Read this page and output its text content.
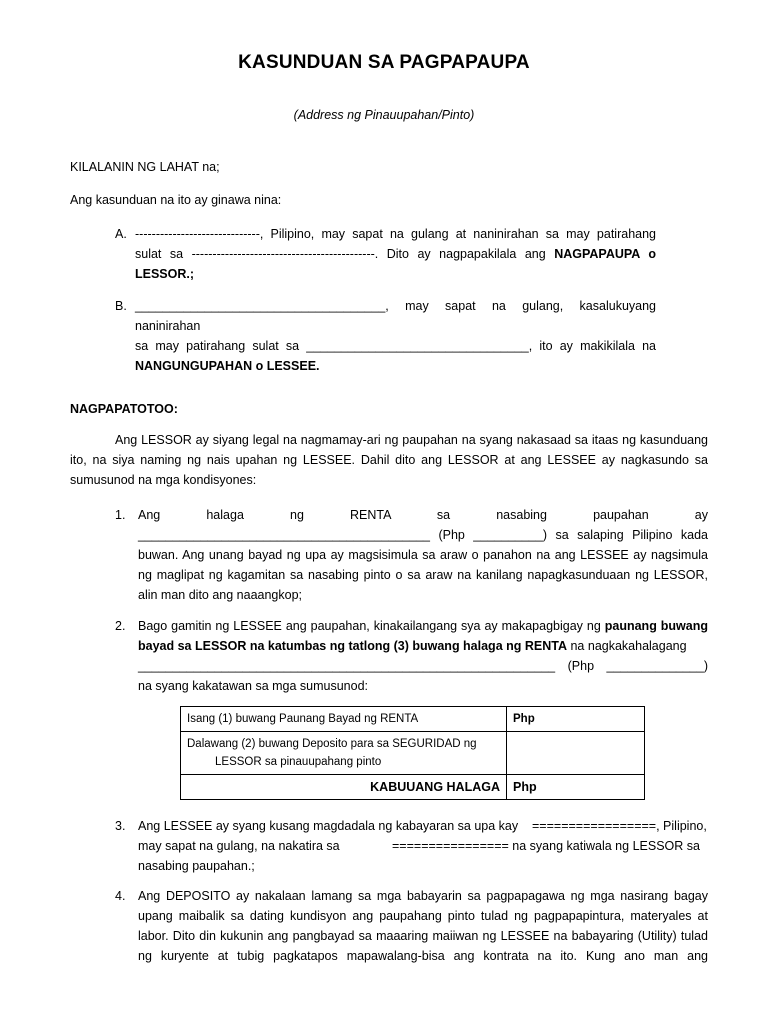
KASUNDUAN SA PAGPAPAUPA
(Address ng Pinauupahan/Pinto)
KILALANIN NG LAHAT na;
Ang kasunduan na ito ay ginawa nina:
A. ------------------------------, Pilipino, may sapat na gulang at naninirahan sa may patirahang
sulat sa --------------------------------------------. Dito ay nagpapakilala ang NAGPAPAUPA o LESSOR.;
B. ____________________________________, may sapat na gulang, kasalukuyang naninirahan
sa may patirahang sulat sa ________________________________, ito ay makikilala na
NANGUNGUPAHAN o LESSEE.
NAGPAPATOTOO:
Ang LESSOR ay siyang legal na nagmamay-ari ng paupahan na syang nakasaad sa itaas ng kasunduang ito, na siya naming ng nais upahan ng LESSEE. Dahil dito ang LESSOR at ang LESSEE ay nagkasundo sa sumusunod na mga kondisyones:
1. Ang halaga ng RENTA sa nasabing paupahan ay
__________________________________________ (Php __________) sa salaping Pilipino kada
buwan. Ang unang bayad ng upa ay magsisimula sa araw o panahon na ang LESSEE ay nagsimula ng maglipat ng kagamitan sa nasabing pinto o sa araw na kanilang napagkasunduaan ng LESSOR, alin man dito ang naaangkop;
2. Bago gamitin ng LESSEE ang paupahan, kinakailangang sya ay makapagbigay ng paunang buwang bayad sa LESSOR na katumbas ng tatlong (3) buwang halaga ng RENTA na nagkakahalagang
____________________________________________________________ (Php ______________)
na syang kakatawan sa mga sumusunod:
Isang (1) buwang Paunang Bayad ng RENTA	Php

Dalawang (2) buwang Deposito para sa SEGURIDAD ng
LESSOR sa pinauupahang pinto	

KABUUANG HALAGA	Php
3. Ang LESSEE ay syang kusang magdadala ng kabayaran sa upa kay    =================, Pilipino,
may sapat na gulang, na nakatira sa               ================ na syang katiwala ng LESSOR sa
nasabing paupahan.;
4. Ang DEPOSITO ay nakalaan lamang sa mga babayarin sa pagpapagawa ng mga nasirang bagay upang maibalik sa dating kundisyon ang paupahang pinto tulad ng pagpapapintura, materyales at labor. Dito din kukunin ang pangbayad sa maaaring maiiwan ng LESSEE na babayaring (Utility) tulad ng kuryente at tubig pagkatapos mapawalang-bisa ang kontrata na ito. Kung ano man ang
